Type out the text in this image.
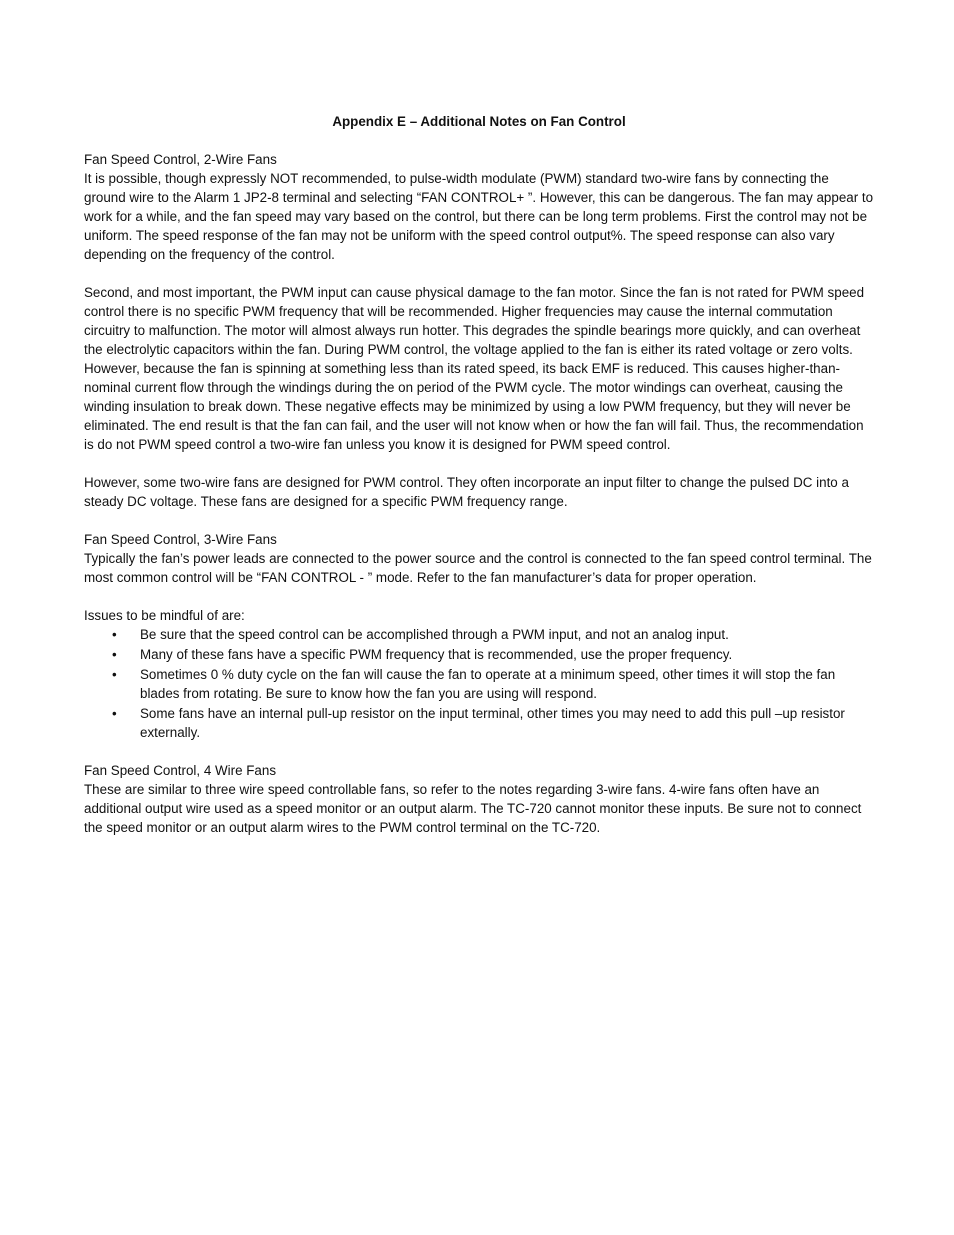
Appendix E – Additional Notes on Fan Control

Fan Speed Control, 2-Wire Fans

It is possible, though expressly NOT recommended, to pulse-width modulate (PWM) standard two-wire fans by connecting the ground wire to the Alarm 1 JP2-8 terminal and selecting “FAN CONTROL+ ”. However, this can be dangerous. The fan may appear to work for a while, and the fan speed may vary based on the control, but there can be long term problems. First the control may not be uniform. The speed response of the fan may not be uniform with the speed control output%. The speed response can also vary depending on the frequency of the control.

Second, and most important, the PWM input can cause physical damage to the fan motor. Since the fan is not rated for PWM speed control there is no specific PWM frequency that will be recommended. Higher frequencies may cause the internal commutation circuitry to malfunction. The motor will almost always run hotter. This degrades the spindle bearings more quickly, and can overheat the electrolytic capacitors within the fan. During PWM control, the voltage applied to the fan is either its rated voltage or zero volts. However, because the fan is spinning at something less than its rated speed, its back EMF is reduced. This causes higher-than-nominal current flow through the windings during the on period of the PWM cycle. The motor windings can overheat, causing the winding insulation to break down. These negative effects may be minimized by using a low PWM frequency, but they will never be eliminated. The end result is that the fan can fail, and the user will not know when or how the fan will fail. Thus, the recommendation is do not PWM speed control a two-wire fan unless you know it is designed for PWM speed control.

However, some two-wire fans are designed for PWM control. They often incorporate an input filter to change the pulsed DC into a steady DC voltage. These fans are designed for a specific PWM frequency range.

Fan Speed Control, 3-Wire Fans

Typically the fan’s power leads are connected to the power source and the control is connected to the fan speed control terminal. The most common control will be “FAN CONTROL - ” mode. Refer to the fan manufacturer’s data for proper operation.

Issues to be mindful of are:

• Be sure that the speed control can be accomplished through a PWM input, and not an analog input.
• Many of these fans have a specific PWM frequency that is recommended, use the proper frequency.
• Sometimes 0 % duty cycle on the fan will cause the fan to operate at a minimum speed, other times it will stop the fan blades from rotating. Be sure to know how the fan you are using will respond.
• Some fans have an internal pull-up resistor on the input terminal, other times you may need to add this pull –up resistor externally.

Fan Speed Control, 4 Wire Fans

These are similar to three wire speed controllable fans, so refer to the notes regarding 3-wire fans. 4-wire fans often have an additional output wire used as a speed monitor or an output alarm. The TC-720 cannot monitor these inputs. Be sure not to connect the speed monitor or an output alarm wires to the PWM control terminal on the TC-720.
